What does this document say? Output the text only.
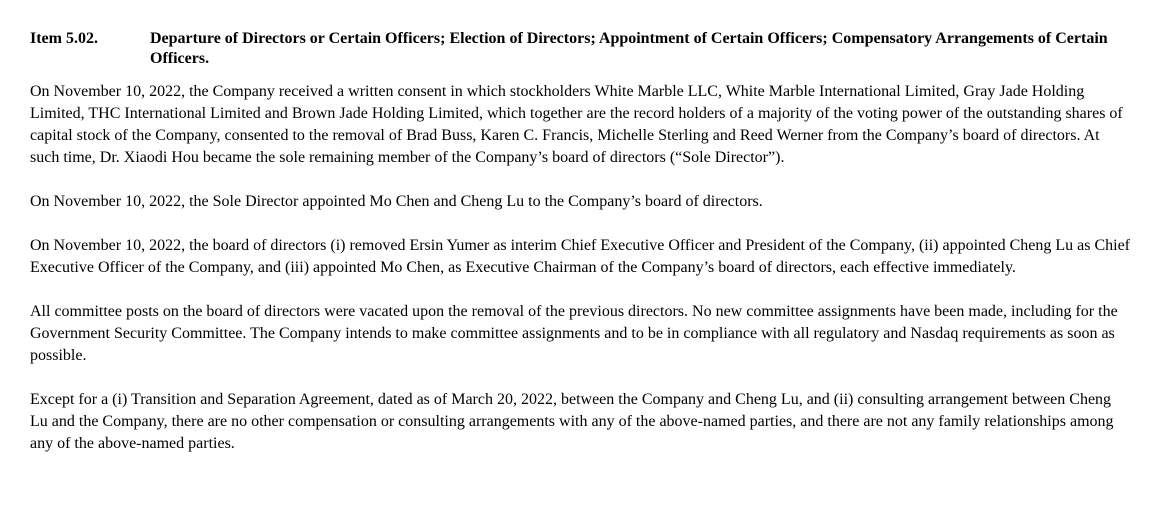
Item 5.02.	Departure of Directors or Certain Officers; Election of Directors; Appointment of Certain Officers; Compensatory Arrangements of Certain Officers.

On November 10, 2022, the Company received a written consent in which stockholders White Marble LLC, White Marble International Limited, Gray Jade Holding Limited, THC International Limited and Brown Jade Holding Limited, which together are the record holders of a majority of the voting power of the outstanding shares of capital stock of the Company, consented to the removal of Brad Buss, Karen C. Francis, Michelle Sterling and Reed Werner from the Company’s board of directors. At such time, Dr. Xiaodi Hou became the sole remaining member of the Company’s board of directors (“Sole Director”).

On November 10, 2022, the Sole Director appointed Mo Chen and Cheng Lu to the Company’s board of directors.

On November 10, 2022, the board of directors (i) removed Ersin Yumer as interim Chief Executive Officer and President of the Company, (ii) appointed Cheng Lu as Chief Executive Officer of the Company, and (iii) appointed Mo Chen, as Executive Chairman of the Company’s board of directors, each effective immediately.

All committee posts on the board of directors were vacated upon the removal of the previous directors. No new committee assignments have been made, including for the Government Security Committee. The Company intends to make committee assignments and to be in compliance with all regulatory and Nasdaq requirements as soon as possible.

Except for a (i) Transition and Separation Agreement, dated as of March 20, 2022, between the Company and Cheng Lu, and (ii) consulting arrangement between Cheng Lu and the Company, there are no other compensation or consulting arrangements with any of the above-named parties, and there are not any family relationships among any of the above-named parties.
